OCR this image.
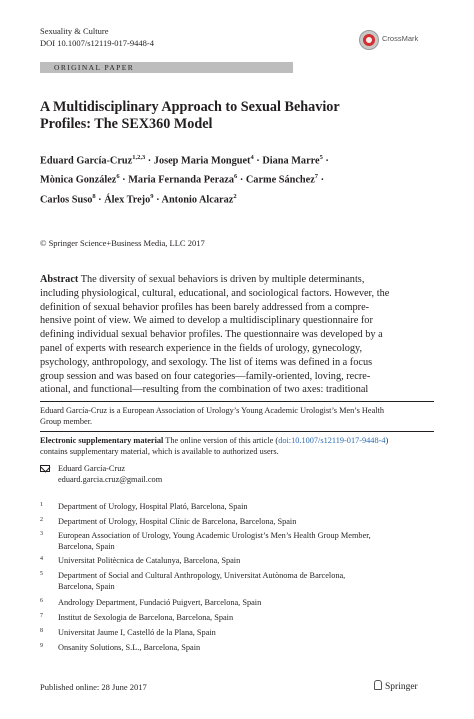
Sexuality & Culture
DOI 10.1007/s12119-017-9448-4	CrossMark
ORIGINAL PAPER
A Multidisciplinary Approach to Sexual Behavior
Profiles: The SEX360 Model
Eduard García-Cruz$^{1,2,3}$ · Josep Maria Monguet$^4$ · Diana Marre$^5$ ·
Mònica González$^6$ · Maria Fernanda Peraza$^6$ · Carme Sánchez$^7$ ·
Carlos Suso$^8$ · Álex Trejo$^9$ · Antonio Alcaraz$^2$
© Springer Science+Business Media, LLC 2017
Abstract The diversity of sexual behaviors is driven by multiple determinants,
including physiological, cultural, educational, and sociological factors. However, the
definition of sexual behavior profiles has been barely addressed from a compre-
hensive point of view. We aimed to develop a multidisciplinary questionnaire for
defining individual sexual behavior profiles. The questionnaire was developed by a
panel of experts with research experience in the fields of urology, gynecology,
psychology, anthropology, and sexology. The list of items was defined in a focus
group session and was based on four categories—family-oriented, loving, recre-
ational, and functional—resulting from the combination of two axes: traditional
Eduard García-Cruz is a European Association of Urology’s Young Academic Urologist’s Men’s Health
Group member.
Electronic supplementary material The online version of this article (doi:10.1007/s12119-017-9448-4)
contains supplementary material, which is available to authorized users.
Eduard García-Cruz
eduard.garcia.cruz@gmail.com
1 Department of Urology, Hospital Plató, Barcelona, Spain
2 Department of Urology, Hospital Clínic de Barcelona, Barcelona, Spain
3 European Association of Urology, Young Academic Urologist’s Men’s Health Group Member,
Barcelona, Spain
4 Universitat Politècnica de Catalunya, Barcelona, Spain
5 Department of Social and Cultural Anthropology, Universitat Autònoma de Barcelona,
Barcelona, Spain
6 Andrology Department, Fundació Puigvert, Barcelona, Spain
7 Institut de Sexologia de Barcelona, Barcelona, Spain
8 Universitat Jaume I, Castelló de la Plana, Spain
9 Onsanity Solutions, S.L., Barcelona, Spain
Published online: 28 June 2017	Springer
